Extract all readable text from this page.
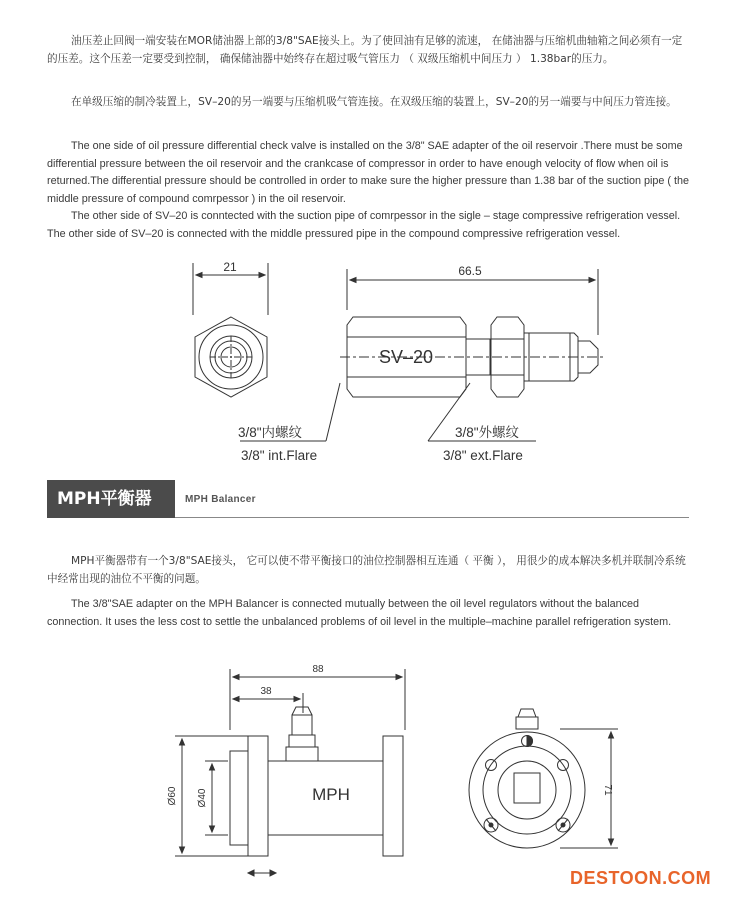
油压差止回阀一端安装在MOR储油器上部的3/8"SAE接头上。为了使回油有足够的流速， 在储油器与压缩机曲轴箱之间必须有一定的压差。这个压差一定要受到控制， 确保储油器中始终存在超过吸气管压力 （ 双级压缩机中间压力 ） 1.38bar的压力。

在单级压缩的制冷装置上，SV–20的另一端要与压缩机吸气管连接。在双级压缩的装置上，SV–20的另一端要与中间压力管连接。

The one side of oil pressure differential check valve is installed on the 3/8" SAE adapter of the oil reservoir .There must be some differential pressure between the oil reservoir and the crankcase of compressor in order to have enough velocity of flow when oil is returned.The differential pressure should be controlled in order to make sure the higher pressure than 1.38 bar of the suction pipe ( the middle pressure of compound comrpessor ) in the oil reservoir.

The other side of SV–20 is conntected with the suction pipe of comrpessor in the sigle – stage compressive refrigeration vessel. The other side of SV–20 is connected with the middle pressured pipe in the compound compressive refrigeration vessel.

21	66.5
SV–20
3/8"内螺纹
3/8" int.Flare
3/8"外螺纹
3/8" ext.Flare
MPH平衡器	MPH Balancer

MPH平衡器带有一个3/8"SAE接头， 它可以使不带平衡接口的油位控制器相互连通（ 平衡 ）， 用很少的成本解决多机并联制冷系统中经常出现的油位不平衡的问题。

The 3/8"SAE adapter on the MPH Balancer is connected mutually between the oil level regulators without the balanced connection. It uses the less cost to settle the unbalanced problems of oil level in the multiple–machine parallel refrigeration system.

88
38
MPH
Ø60 Ø40	71
DESTOON.COM
